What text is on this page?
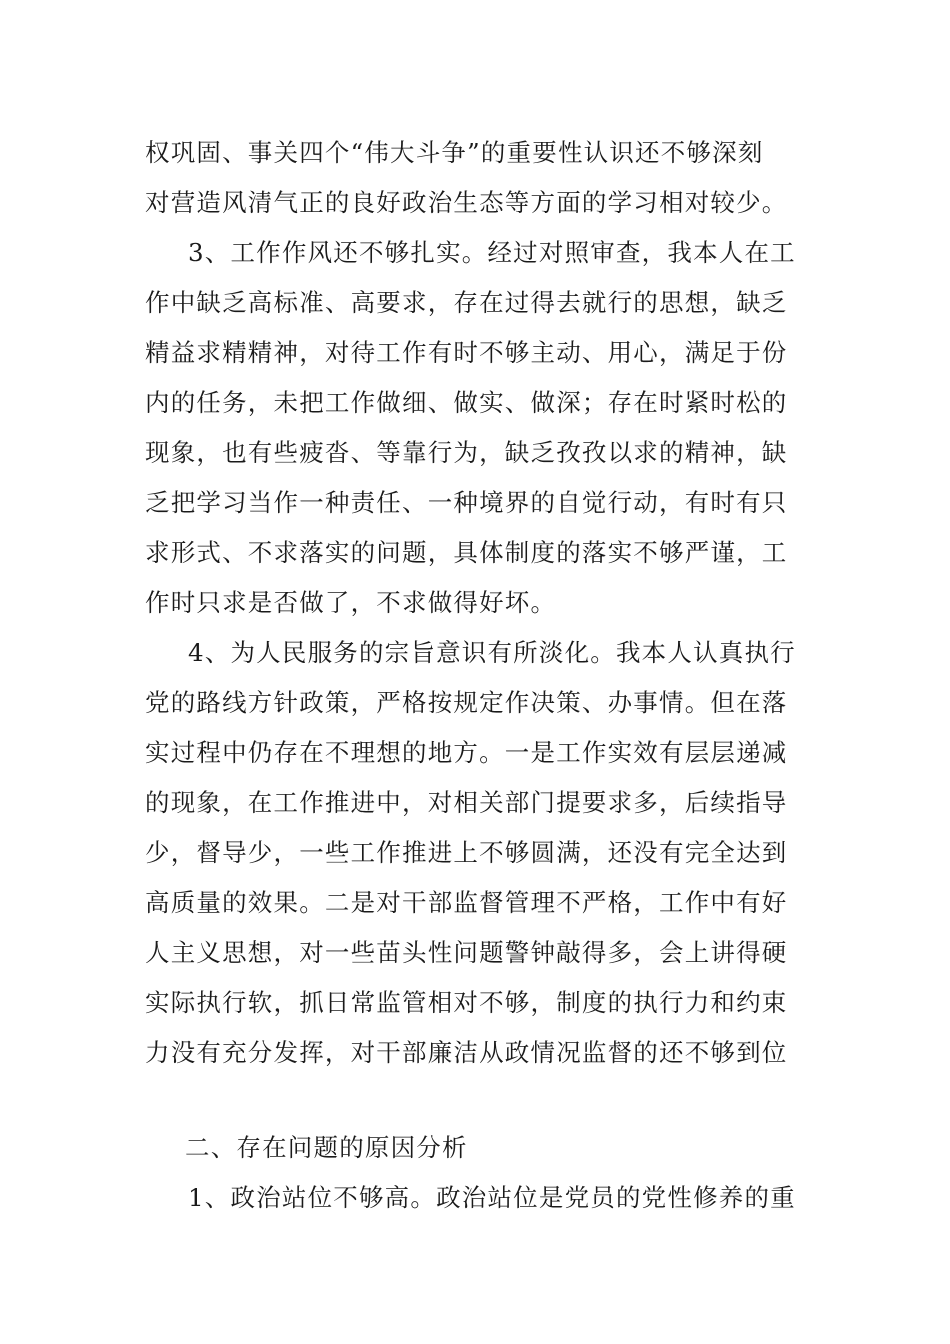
权巩固、事关四个“伟大斗争”的重要性认识还不够深刻
对营造风清气正的良好政治生态等方面的学习相对较少。
3、工作作风还不够扎实。经过对照审查，我本人在工
作中缺乏高标准、高要求，存在过得去就行的思想，缺乏
精益求精精神，对待工作有时不够主动、用心，满足于份
内的任务，未把工作做细、做实、做深；存在时紧时松的
现象，也有些疲沓、等靠行为，缺乏孜孜以求的精神，缺
乏把学习当作一种责任、一种境界的自觉行动，有时有只
求形式、不求落实的问题，具体制度的落实不够严谨，工
作时只求是否做了，不求做得好坏。
4、为人民服务的宗旨意识有所淡化。我本人认真执行
党的路线方针政策，严格按规定作决策、办事情。但在落
实过程中仍存在不理想的地方。一是工作实效有层层递减
的现象，在工作推进中，对相关部门提要求多，后续指导
少，督导少，一些工作推进上不够圆满，还没有完全达到
高质量的效果。二是对干部监督管理不严格，工作中有好
人主义思想，对一些苗头性问题警钟敲得多，会上讲得硬
实际执行软，抓日常监管相对不够，制度的执行力和约束
力没有充分发挥，对干部廉洁从政情况监督的还不够到位
二、存在问题的原因分析
1、政治站位不够高。政治站位是党员的党性修养的重
